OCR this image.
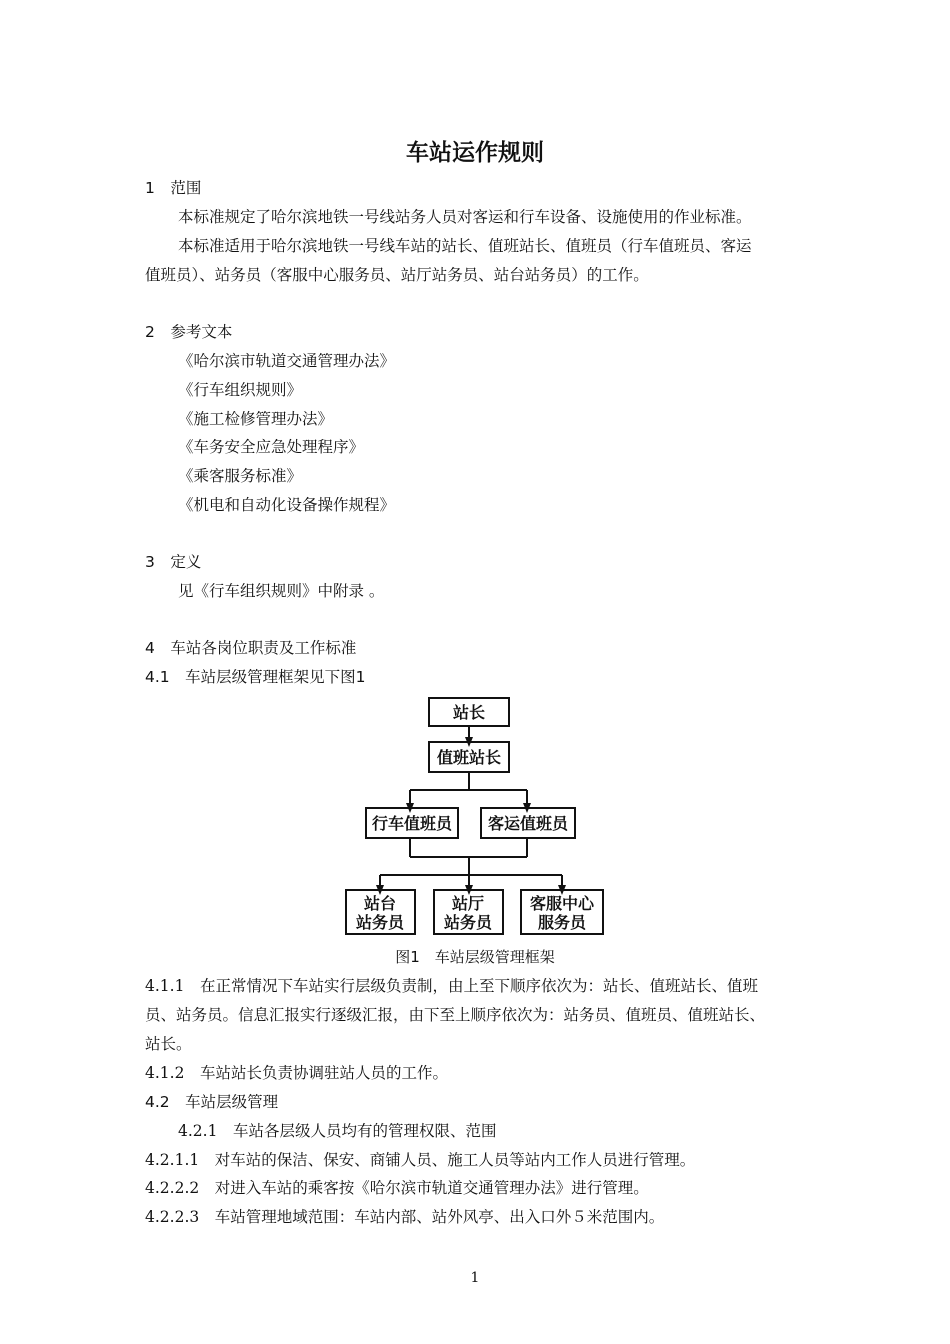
车站运作规则
1　范围
本标准规定了哈尔滨地铁一号线站务人员对客运和行车设备、设施使用的作业标准。
本标准适用于哈尔滨地铁一号线车站的站长、值班站长、值班员（行车值班员、客运
值班员）、站务员（客服中心服务员、站厅站务员、站台站务员）的工作。
2　参考文本
《哈尔滨市轨道交通管理办法》
《行车组织规则》
《施工检修管理办法》
《车务安全应急处理程序》
《乘客服务标准》
《机电和自动化设备操作规程》
3　定义
见《行车组织规则》中附录 。
4　车站各岗位职责及工作标准
4.1　车站层级管理框架见下图1
站长
值班站长
行车值班员 客运值班员
站台
站务员
站厅
站务员
客服中心
服务员
图1　车站层级管理框架
4.1.1　在正常情况下车站实行层级负责制，由上至下顺序依次为：站长、值班站长、值班
员、站务员。信息汇报实行逐级汇报，由下至上顺序依次为：站务员、值班员、值班站长、
站长。
4.1.2　车站站长负责协调驻站人员的工作。
4.2　车站层级管理
4.2.1　车站各层级人员均有的管理权限、范围
4.2.1.1　对车站的保洁、保安、商铺人员、施工人员等站内工作人员进行管理。
4.2.2.2　对进入车站的乘客按《哈尔滨市轨道交通管理办法》进行管理。
4.2.2.3　车站管理地域范围：车站内部、站外风亭、出入口外５米范围内。
1
